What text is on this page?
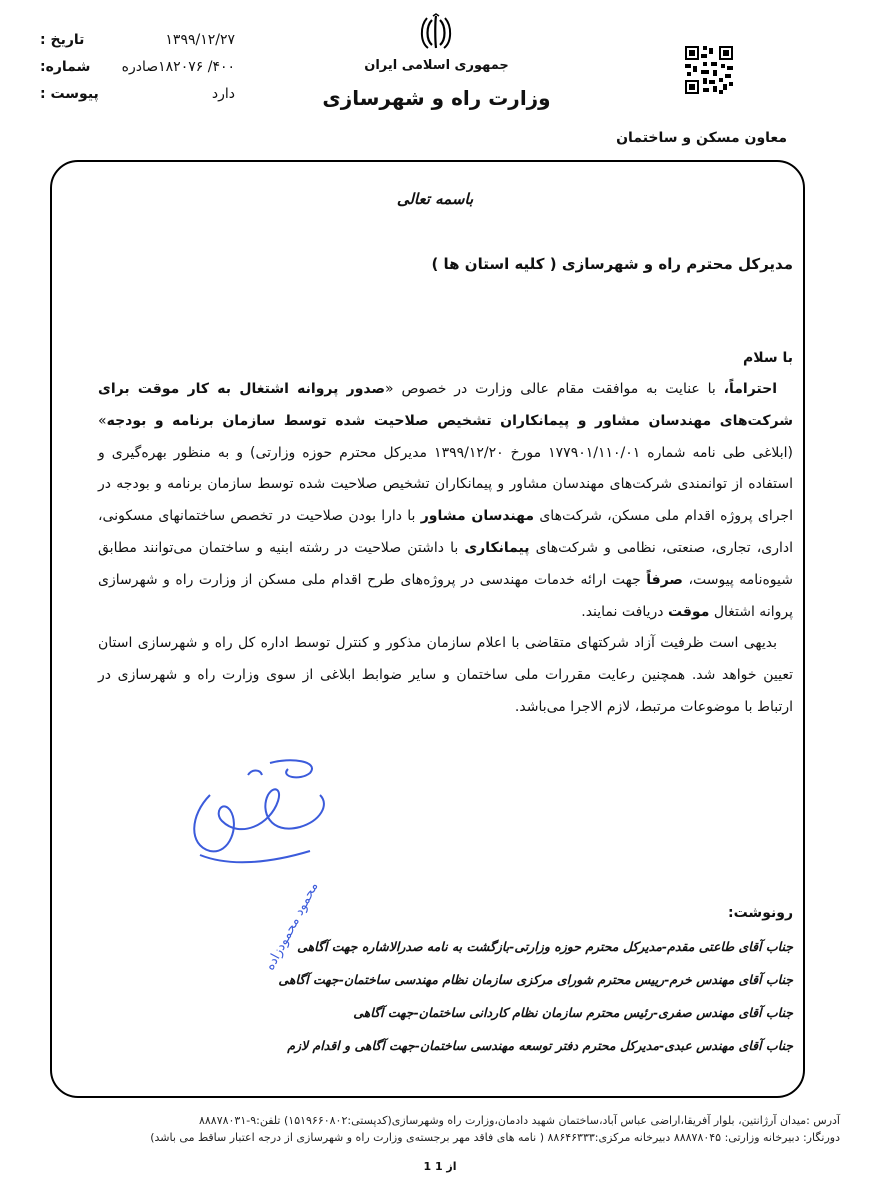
تاریخ :	۱۳۹۹/۱۲/۲۷
شماره: ۴۰۰/ ۱۸۲۰۷۶صادره
پیوست :	دارد
جمهوری اسلامی ایران
وزارت راه و شهرسازی
معاون مسکن و ساختمان
باسمه تعالی
مدیرکل محترم راه و شهرسازی ( کلیه استان ها )
با سلام

احتراماً، با عنایت به موافقت مقام عالی وزارت در خصوص «صدور پروانه اشتغال به کار موقت برای شرکت‌های مهندسان مشاور و پیمانکاران تشخیص صلاحیت شده توسط سازمان برنامه و بودجه» (ابلاغی طی نامه شماره ۱۷۷۹۰۱/۱۱۰/۰۱ مورخ ۱۳۹۹/۱۲/۲۰ مدیرکل محترم حوزه وزارتی) و به منظور بهره‌گیری و استفاده از توانمندی شرکت‌های مهندسان مشاور و پیمانکاران تشخیص صلاحیت شده توسط سازمان برنامه و بودجه در اجرای پروژه اقدام ملی مسکن، شرکت‌های مهندسان مشاور با دارا بودن صلاحیت در تخصص ساختمانهای مسکونی، اداری، تجاری، صنعتی، نظامی و شرکت‌های پیمانکاری با داشتن صلاحیت در رشته ابنیه و ساختمان می‌توانند مطابق شیوه‌نامه پیوست، صرفاً جهت ارائه خدمات مهندسی در پروژه‌های طرح اقدام ملی مسکن از وزارت راه و شهرسازی پروانه اشتغال موقت دریافت نمایند.

بدیهی است ظرفیت آزاد شرکتهای متقاضی با اعلام سازمان مذکور و کنترل توسط اداره کل راه و شهرسازی استان تعیین خواهد شد. همچنین رعایت مقررات ملی ساختمان و سایر ضوابط ابلاغی از سوی وزارت راه و شهرسازی در ارتباط با موضوعات مرتبط، لازم الاجرا می‌باشد.

محمود محمودزاده	رونوشت:
جناب آقای طاعتی مقدم-مدیرکل محترم حوزه وزارتی-بازگشت به نامه صدرالاشاره جهت آگاهی
جناب آقای مهندس خرم-رییس محترم شورای مرکزی سازمان نظام مهندسی ساختمان-جهت آگاهی
جناب آقای مهندس صفری-رئیس محترم سازمان نظام کاردانی ساختمان-جهت آگاهی
جناب آقای مهندس عبدی-مدیرکل محترم دفتر توسعه مهندسی ساختمان-جهت آگاهی و اقدام لازم
آدرس :میدان آرژانتین، بلوار آفریقا،اراضی عباس آباد،ساختمان شهید دادمان،وزارت راه وشهرسازی(کدپستی:۱۵۱۹۶۶۰۸۰۲) تلفن:۹-۸۸۸۷۸۰۳۱
دورنگار: دبیرخانه وزارتی: ۸۸۸۷۸۰۴۵ دبیرخانه مرکزی:۸۸۶۴۶۳۳۳ ( نامه های فاقد مهر برجسته‌ی وزارت راه و شهرسازی از درجه اعتبار ساقط می باشد)
1 از 1
